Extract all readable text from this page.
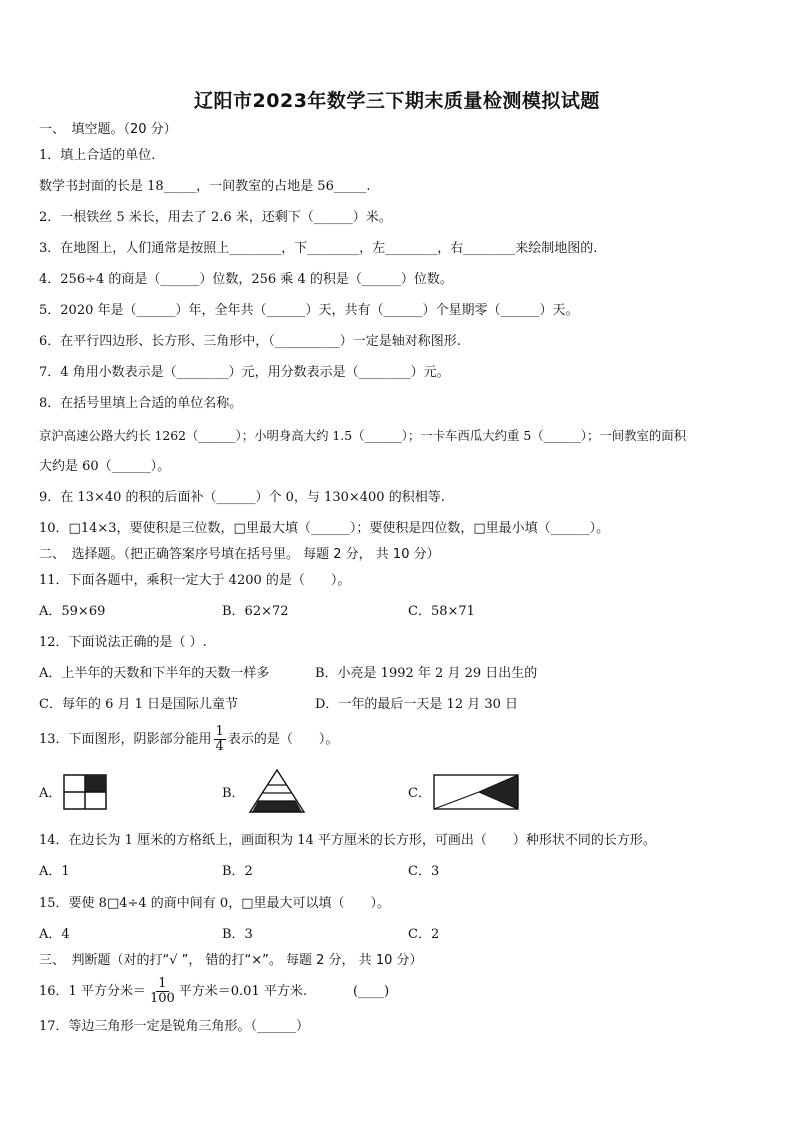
辽阳市2023年数学三下期末质量检测模拟试题
一、　填空题。（20 分）
1．填上合适的单位.
数学书封面的长是 18_____，一间教室的占地是 56_____.
2．一根铁丝 5 米长，用去了 2.6 米，还剩下（______）米。
3．在地图上，人们通常是按照上________，下________，左________，右________来绘制地图的.
4．256÷4 的商是（______）位数，256 乘 4 的积是（______）位数。
5．2020 年是（______）年，全年共（______）天，共有（______）个星期零（______）天。
6．在平行四边形、长方形、三角形中，（__________）一定是轴对称图形.
7．4 角用小数表示是（________）元，用分数表示是（________）元。
8．在括号里填上合适的单位名称。
京沪高速公路大约长 1262（______）；小明身高大约 1.5（______）；一卡车西瓜大约重 5（______）；一间教室的面积
大约是 60（______）。
9．在 13×40 的积的后面补（______）个 0，与 130×400 的积相等.
10．□14×3，要使积是三位数，□里最大填（______）；要使积是四位数，□里最小填（______）。
二、　选择题。（把正确答案序号填在括号里。 每题 2 分， 共 10 分）
11．下面各题中，乘积一定大于 4200 的是（　　）。
A．59×69	B．62×72	C．58×71
12．下面说法正确的是（ ）.
A．上半年的天数和下半年的天数一样多	B．小亮是 1992 年 2 月 29 日出生的
C．每年的 6 月 1 日是国际儿童节	D．一年的最后一天是 12 月 30 日
13．下面图形，阴影部分能用 $\frac{1}{4}$ 表示的是（　　）。
A．	B．	C．
14．在边长为 1 厘米的方格纸上，画面积为 14 平方厘米的长方形，可画出（　　）种形状不同的长方形。
A．1	B．2	C．3
15．要使 8□4÷4 的商中间有 0，□里最大可以填（　　）。
A．4	B．3	C．2
三、　判断题（对的打“√ ”， 错的打“×”。 每题 2 分， 共 10 分）
16．1 平方分米＝ $\frac{1}{100}$ 平方米＝0.01 平方米.	(____)
17．等边三角形一定是锐角三角形。（______）
